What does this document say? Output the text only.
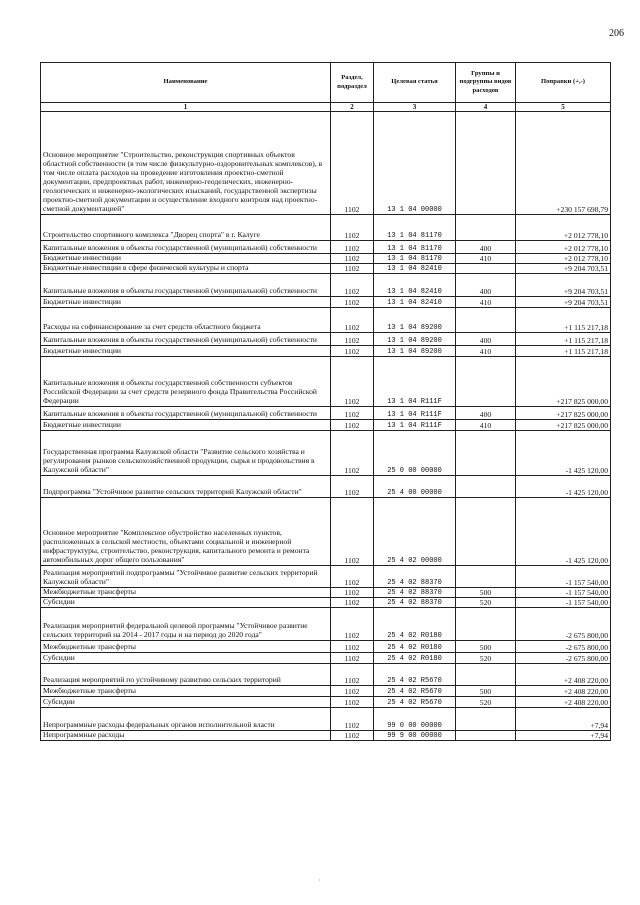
206
Наименование	Раздел, подраздел	Целевая статья	Группы и подгруппы видов расходов	Поправки (+,-)
1	2	3	4	5
Основное мероприятие "Строительство, реконструкция спортивных объектов областной собственности (в том числе физкультурно-оздоровительных комплексов), в том числе оплата расходов на проведение изготовления проектно-сметной документации, предпроектных работ, инженерно-геодезических, инженерно-геологических и инженерно-экологических изысканий, государственной экспертизы проектно-сметной документации и осуществление входного контроля над проектно-сметной документацией"	1102	13 1 04 00000		+230 157 698,79
Строительство спортивного комплекса "Дворец спорта" в г. Калуге	1102	13 1 04 81170		+2 012 778,10
Капитальные вложения в объекты государственной (муниципальной) собственности	1102	13 1 04 81170	400	+2 012 778,10
Бюджетные инвестиции	1102	13 1 04 81170	410	+2 012 778,10
Бюджетные инвестиции в сфере физической культуры и спорта	1102	13 1 04 82410		+9 204 703,51
Капитальные вложения в объекты государственной (муниципальной) собственности	1102	13 1 04 82410	400	+9 204 703,51
Бюджетные инвестиции	1102	13 1 04 82410	410	+9 204 703,51
Расходы на софинансирование за счет средств областного бюджета	1102	13 1 04 89200		+1 115 217,18
Капитальные вложения в объекты государственной (муниципальной) собственности	1102	13 1 04 89200	400	+1 115 217,18
Бюджетные инвестиции	1102	13 1 04 89200	410	+1 115 217,18
Капитальные вложения в объекты государственной собственности субъектов Российской Федерации за счет средств резервного фонда Правительства Российской Федерации	1102	13 1 04 R111F		+217 825 000,00
Капитальные вложения в объекты государственной (муниципальной) собственности	1102	13 1 04 R111F	400	+217 825 000,00
Бюджетные инвестиции	1102	13 1 04 R111F	410	+217 825 000,00
Государственная программа Калужской области "Развитие сельского хозяйства и регулирования рынков сельскохозяйственной продукции, сырья и продовольствия в Калужской области"	1102	25 0 00 00000		-1 425 120,00
Подпрограмма "Устойчивое развитие сельских территорий Калужской области"	1102	25 4 00 00000		-1 425 120,00
Основное мероприятие "Комплексное обустройство населенных пунктов, расположенных в сельской местности, объектами социальной и инженерной инфраструктуры, строительство, реконструкция, капитального ремонта и ремонта автомобильных дорог общего пользования"	1102	25 4 02 00000		-1 425 120,00
Реализация мероприятий подпрограммы "Устойчивое развитие сельских территорий Калужской области"	1102	25 4 02 88370		-1 157 540,00
Межбюджетные трансферты	1102	25 4 02 88370	500	-1 157 540,00
Субсидии	1102	25 4 02 88370	520	-1 157 540,00
Реализация мероприятий федеральной целевой программы "Устойчивое развитие сельских территорий на 2014 - 2017 годы и на период до 2020 года"	1102	25 4 02 R0180		-2 675 800,00
Межбюджетные трансферты	1102	25 4 02 R0180	500	-2 675 800,00
Субсидии	1102	25 4 02 R0180	520	-2 675 800,00
Реализация мероприятий по устойчивому развитию сельских территорий	1102	25 4 02 R5670		+2 408 220,00
Межбюджетные трансферты	1102	25 4 02 R5670	500	+2 408 220,00
Субсидии	1102	25 4 02 R5670	520	+2 408 220,00
Непрограммные расходы федеральных органов исполнительной власти	1102	99 0 00 00000		+7,94
Непрограммные расходы	1102	99 9 00 00000		+7,94
·
